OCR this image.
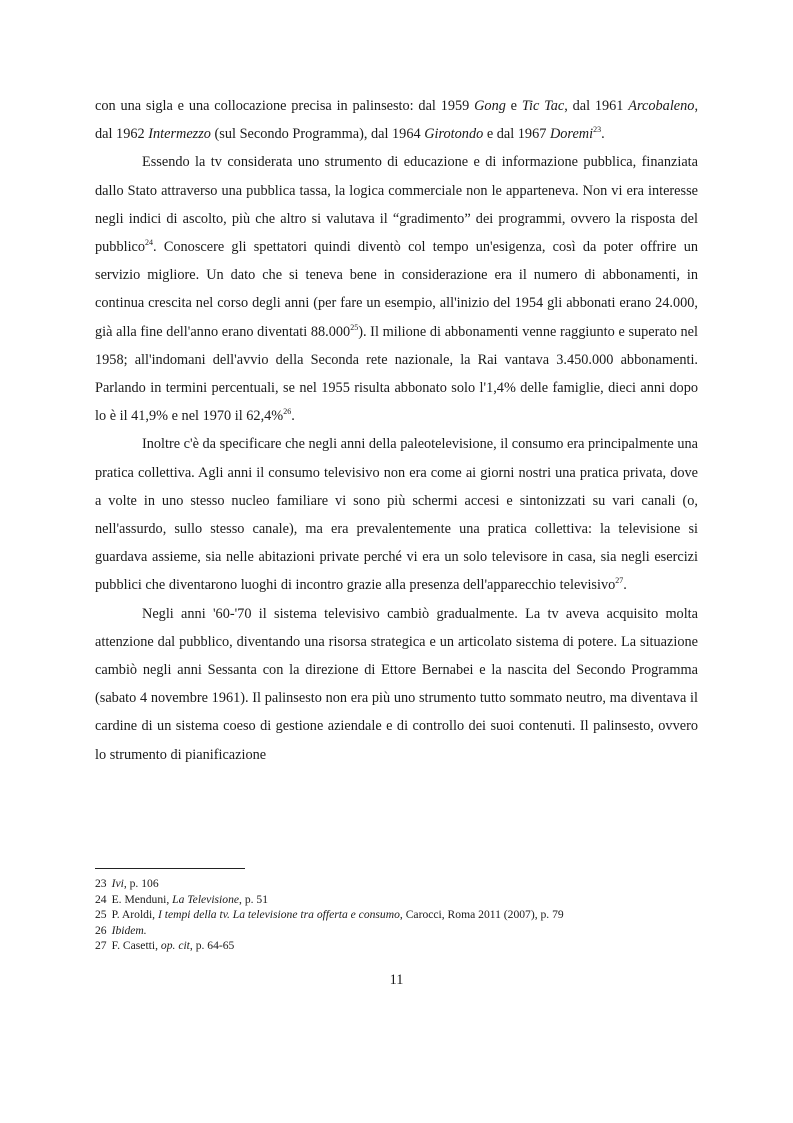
con una sigla e una collocazione precisa in palinsesto: dal 1959 Gong e Tic Tac, dal 1961 Arcobaleno, dal 1962 Intermezzo (sul Secondo Programma), dal 1964 Girotondo e dal 1967 Doremi$^{23}$.

Essendo la tv considerata uno strumento di educazione e di informazione pubblica, finanziata dallo Stato attraverso una pubblica tassa, la logica commerciale non le apparteneva. Non vi era interesse negli indici di ascolto, più che altro si valutava il “gradimento” dei programmi, ovvero la risposta del pubblico$^{24}$. Conoscere gli spettatori quindi diventò col tempo un'esigenza, così da poter offrire un servizio migliore. Un dato che si teneva bene in considerazione era il numero di abbonamenti, in continua crescita nel corso degli anni (per fare un esempio, all'inizio del 1954 gli abbonati erano 24.000, già alla fine dell'anno erano diventati 88.000$^{25}$). Il milione di abbonamenti venne raggiunto e superato nel 1958; all'indomani dell'avvio della Seconda rete nazionale, la Rai vantava 3.450.000 abbonamenti. Parlando in termini percentuali, se nel 1955 risulta abbonato solo l'1,4% delle famiglie, dieci anni dopo lo è il 41,9% e nel 1970 il 62,4%$^{26}$.

Inoltre c'è da specificare che negli anni della paleotelevisione, il consumo era principalmente una pratica collettiva. Agli anni il consumo televisivo non era come ai giorni nostri una pratica privata, dove a volte in uno stesso nucleo familiare vi sono più schermi accesi e sintonizzati su vari canali (o, nell'assurdo, sullo stesso canale), ma era prevalentemente una pratica collettiva: la televisione si guardava assieme, sia nelle abitazioni private perché vi era un solo televisore in casa, sia negli esercizi pubblici che diventarono luoghi di incontro grazie alla presenza dell'apparecchio televisivo$^{27}$.

Negli anni '60-'70 il sistema televisivo cambiò gradualmente. La tv aveva acquisito molta attenzione dal pubblico, diventando una risorsa strategica e un articolato sistema di potere. La situazione cambiò negli anni Sessanta con la direzione di Ettore Bernabei e la nascita del Secondo Programma (sabato 4 novembre 1961). Il palinsesto non era più uno strumento tutto sommato neutro, ma diventava il cardine di un sistema coeso di gestione aziendale e di controllo dei suoi contenuti. Il palinsesto, ovvero lo strumento di pianificazione

23 Ivi, p. 106
24 E. Menduni, La Televisione, p. 51
25 P. Aroldi, I tempi della tv. La televisione tra offerta e consumo, Carocci, Roma 2011 (2007), p. 79
26 Ibidem.
27 F. Casetti, op. cit, p. 64-65
11
